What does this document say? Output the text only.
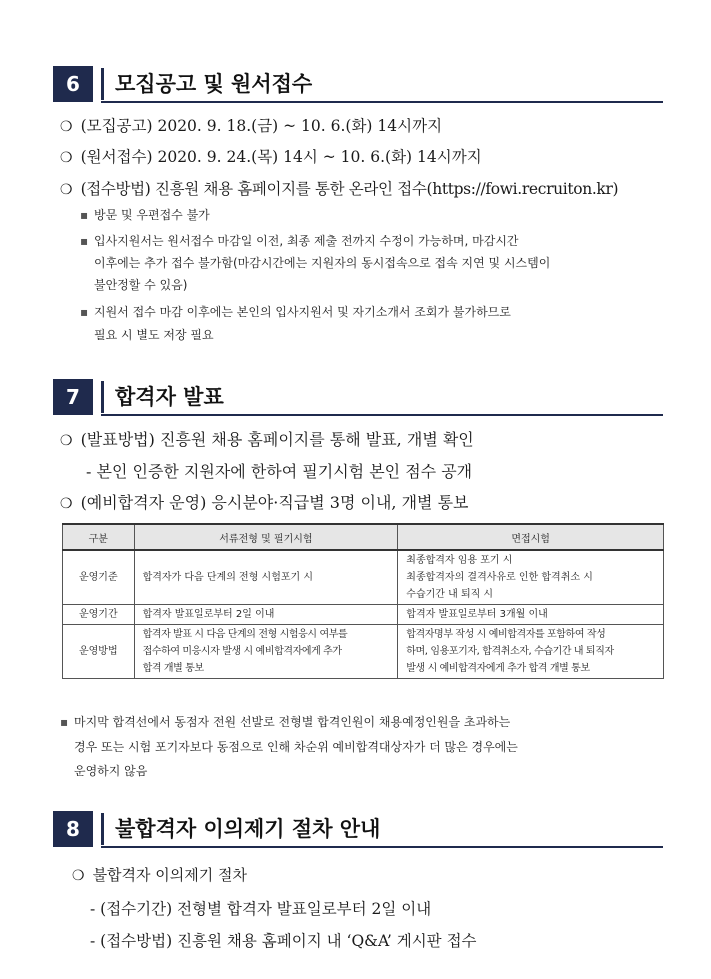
6	모집공고 및 원서접수
❍ (모집공고) 2020. 9. 18.(금) ~ 10. 6.(화) 14시까지
❍ (원서접수) 2020. 9. 24.(목) 14시 ~ 10. 6.(화) 14시까지
❍ (접수방법) 진흥원 채용 홈페이지를 통한 온라인 접수(https://fowi.recruiton.kr)
▪ 방문 및 우편접수 불가
▪ 입사지원서는 원서접수 마감일 이전, 최종 제출 전까지 수정이 가능하며, 마감시간
이후에는 추가 접수 불가함(마감시간에는 지원자의 동시접속으로 접속 지연 및 시스템이
불안정할 수 있음)
▪ 지원서 접수 마감 이후에는 본인의 입사지원서 및 자기소개서 조회가 불가하므로
필요 시 별도 저장 필요
7	합격자 발표
❍ (발표방법) 진흥원 채용 홈페이지를 통해 발표, 개별 확인
- 본인 인증한 지원자에 한하여 필기시험 본인 점수 공개
❍ (예비합격자 운영) 응시분야·직급별 3명 이내, 개별 통보
구분	서류전형 및 필기시험	면접시험
운영기준	합격자가 다음 단계의 전형 시험포기 시	최종합격자 임용 포기 시
최종합격자의 결격사유로 인한 합격취소 시
수습기간 내 퇴직 시

운영기간	합격자 발표일로부터 2일 이내	합격자 발표일로부터 3개월 이내

운영방법	합격자 발표 시 다음 단계의 전형 시험응시 여부를
접수하여 미응시자 발생 시 예비합격자에게 추가
합격 개별 통보	합격자명부 작성 시 예비합격자를 포함하여 작성
하며, 임용포기자, 합격취소자, 수습기간 내 퇴직자
발생 시 예비합격자에게 추가 합격 개별 통보
▪ 마지막 합격선에서 동점자 전원 선발로 전형별 합격인원이 채용예정인원을 초과하는
경우 또는 시험 포기자보다 동점으로 인해 차순위 예비합격대상자가 더 많은 경우에는
운영하지 않음
8	불합격자 이의제기 절차 안내
❍ 불합격자 이의제기 절차
- (접수기간) 전형별 합격자 발표일로부터 2일 이내
- (접수방법) 진흥원 채용 홈페이지 내 ‘Q&A’ 게시판 접수
